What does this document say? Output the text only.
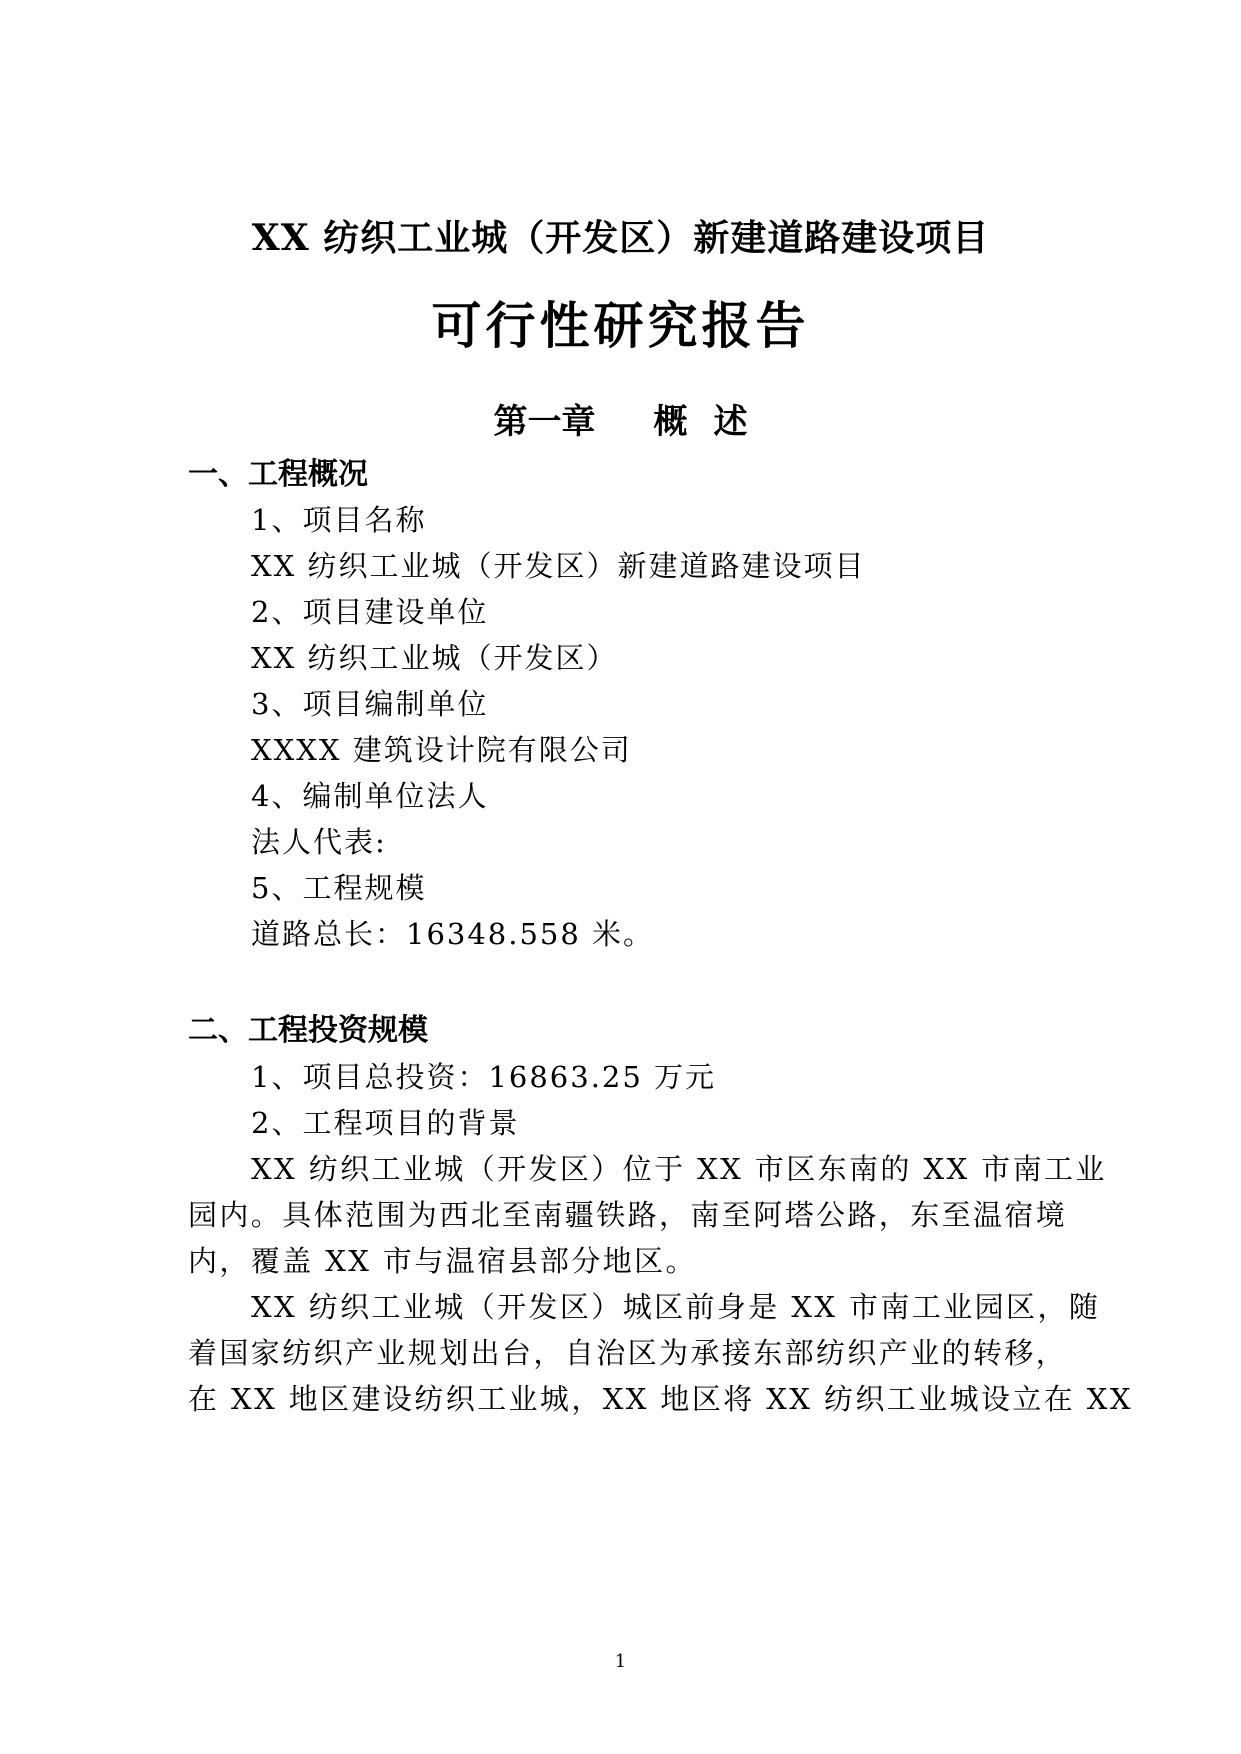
XX 纺织工业城（开发区）新建道路建设项目
可行性研究报告
第一章 概 述
一、工程概况
1、项目名称
XX 纺织工业城（开发区）新建道路建设项目
2、项目建设单位
XX 纺织工业城（开发区）
3、项目编制单位
XXXX 建筑设计院有限公司
4、编制单位法人
法人代表:
5、工程规模
道路总长：16348.558 米。
二、工程投资规模
1、项目总投资：16863.25 万元
2、工程项目的背景
XX 纺织工业城（开发区）位于 XX 市区东南的 XX 市南工业
园内。具体范围为西北至南疆铁路，南至阿塔公路，东至温宿境
内，覆盖 XX 市与温宿县部分地区。
XX 纺织工业城（开发区）城区前身是 XX 市南工业园区，随
着国家纺织产业规划出台，自治区为承接东部纺织产业的转移，
在 XX 地区建设纺织工业城，XX 地区将 XX 纺织工业城设立在 XX
1
